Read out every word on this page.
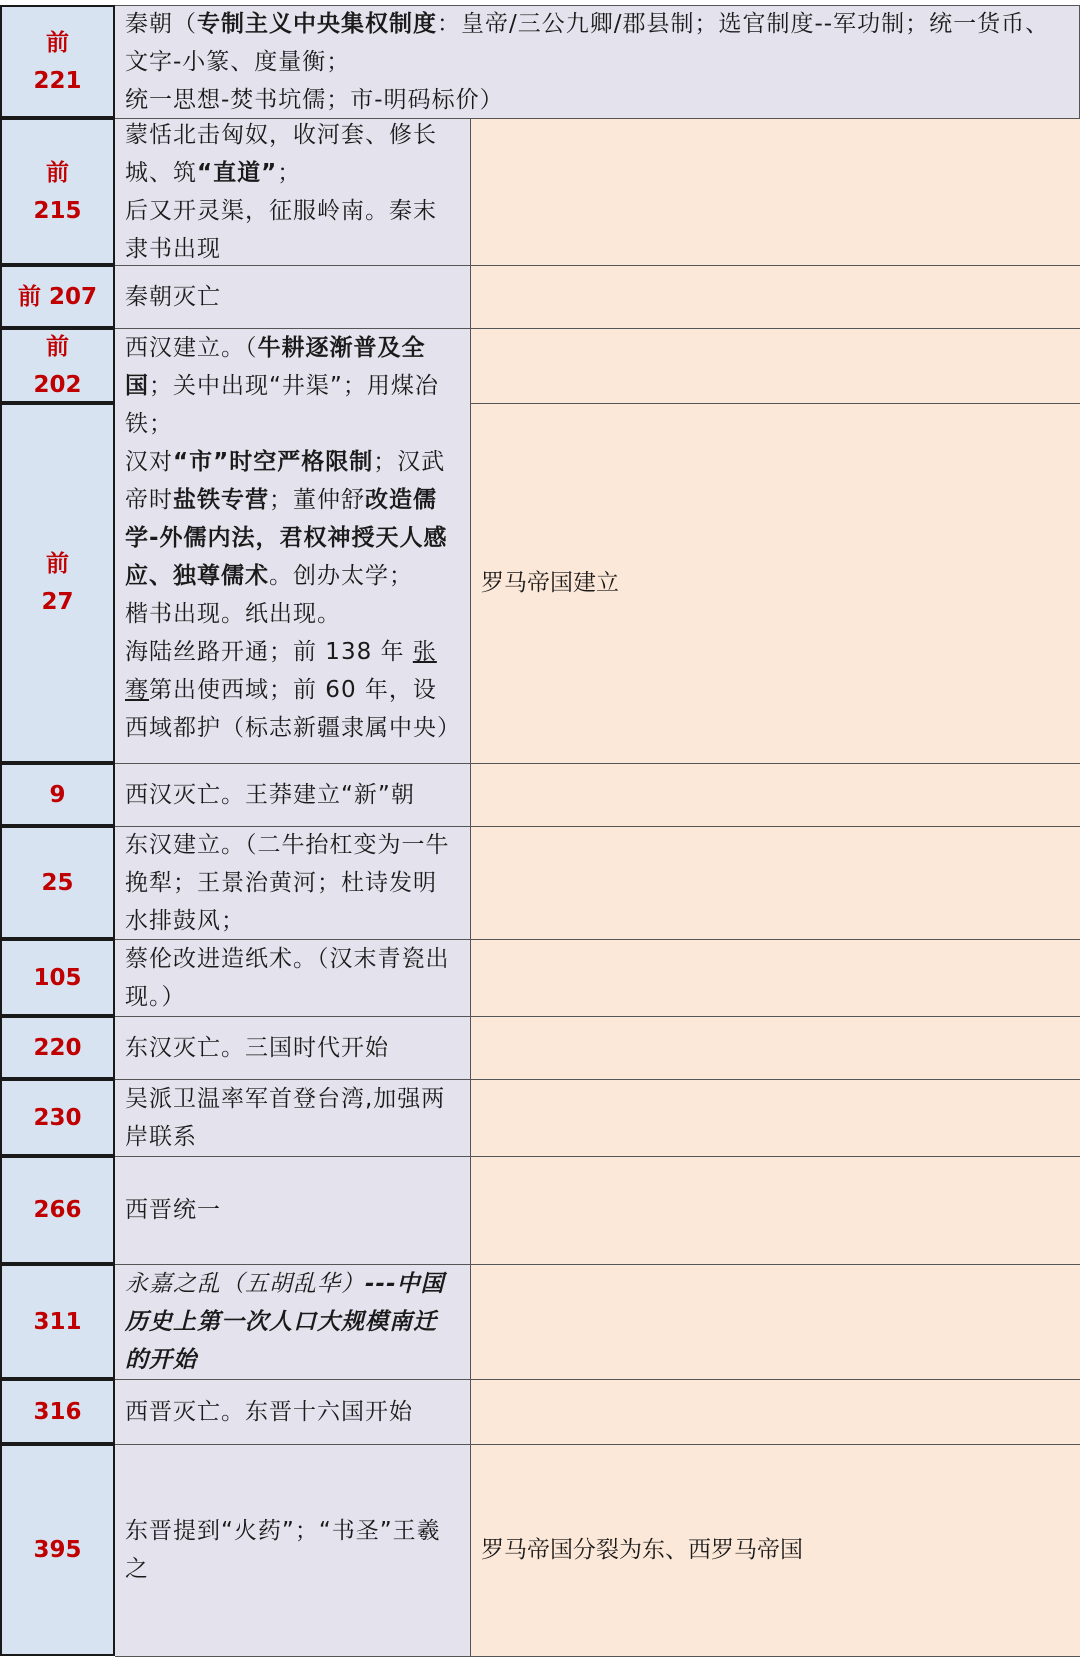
前
221
秦朝（专制主义中央集权制度：皇帝/三公九卿/郡县制；选官制度--军功制；统一货币、文字-小篆、度量衡；
统一思想-焚书坑儒；市-明码标价）
前
215
蒙恬北击匈奴，收河套、修长城、筑“直道”；
后又开灵渠，征服岭南。秦末隶书出现
前 207 秦朝灭亡
前
202
前
27
西汉建立。（牛耕逐渐普及全国；关中出现“井渠”；用煤冶铁；
汉对“市”时空严格限制；汉武帝时盐铁专营；董仲舒改造儒学-外儒内法，君权神授天人感应、独尊儒术。创办太学；
楷书出现。纸出现。
海陆丝路开通；前 138 年 张骞第出使西域；前 60 年，设西域都护（标志新疆隶属中央）
罗马帝国建立
9	西汉灭亡。王莽建立“新”朝
25
东汉建立。（二牛抬杠变为一牛挽犁；王景治黄河；杜诗发明水排鼓风；
105
蔡伦改进造纸术。（汉末青瓷出现。）
220 东汉灭亡。三国时代开始
230
吴派卫温率军首登台湾,加强两岸联系
266 西晋统一
311
永嘉之乱（五胡乱华）---中国历史上第一次人口大规模南迁的开始
316 西晋灭亡。东晋十六国开始
395
东晋提到“火药”；“书圣”王羲之
罗马帝国分裂为东、西罗马帝国
